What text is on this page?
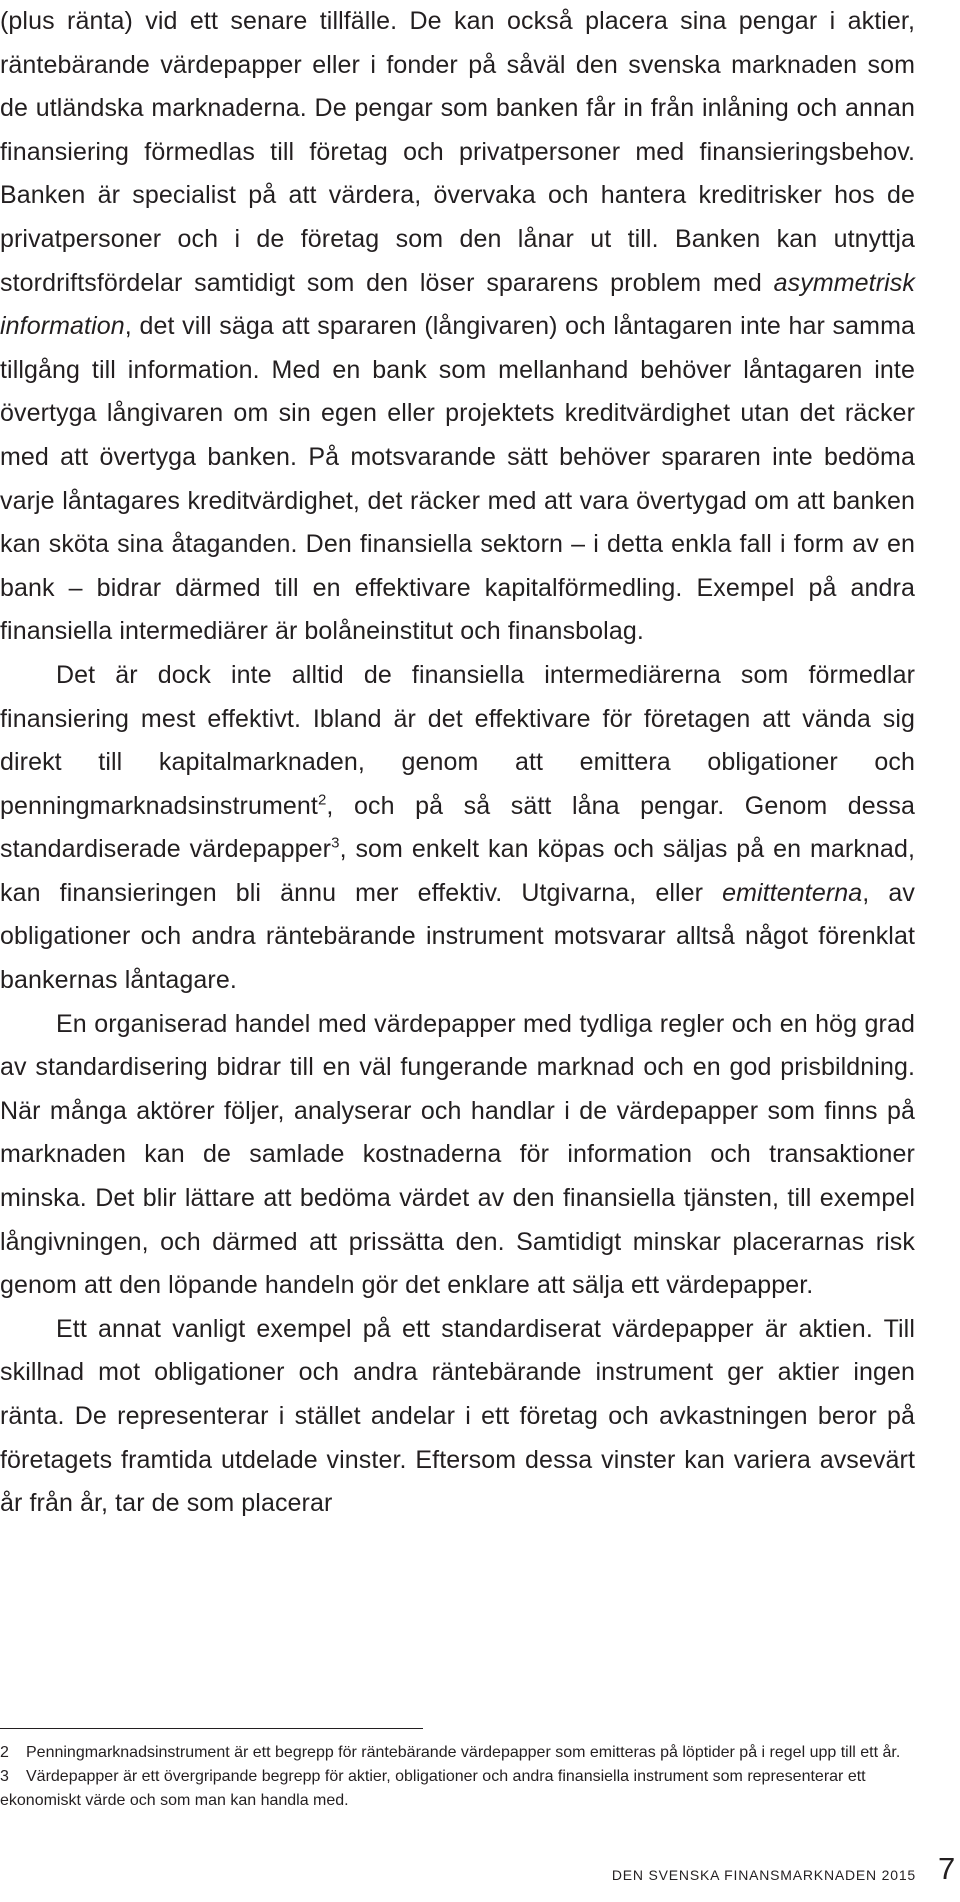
(plus ränta) vid ett senare tillfälle. De kan också placera sina pengar i aktier, räntebärande värdepapper eller i fonder på såväl den svenska marknaden som de utländska marknaderna. De pengar som banken får in från inlåning och annan finansiering förmedlas till företag och privatpersoner med finansieringsbehov. Banken är specialist på att värdera, övervaka och hantera kreditrisker hos de privatpersoner och i de företag som den lånar ut till. Banken kan utnyttja stordriftsfördelar samtidigt som den löser spararens problem med asymmetrisk information, det vill säga att spararen (långivaren) och låntagaren inte har samma tillgång till information. Med en bank som mellanhand behöver låntagaren inte övertyga långivaren om sin egen eller projektets kreditvärdighet utan det räcker med att övertyga banken. På motsvarande sätt behöver spararen inte bedöma varje låntagares kreditvärdighet, det räcker med att vara övertygad om att banken kan sköta sina åtaganden. Den finansiella sektorn – i detta enkla fall i form av en bank – bidrar därmed till en effektivare kapitalförmedling. Exempel på andra finansiella intermediärer är bolåneinstitut och finansbolag.

Det är dock inte alltid de finansiella intermediärerna som förmedlar finansiering mest effektivt. Ibland är det effektivare för företagen att vända sig direkt till kapitalmarknaden, genom att emittera obligationer och penningmarknadsinstrument$^2$, och på så sätt låna pengar. Genom dessa standardiserade värdepapper$^3$, som enkelt kan köpas och säljas på en marknad, kan finansieringen bli ännu mer effektiv. Utgivarna, eller emittenterna, av obligationer och andra räntebärande instrument motsvarar alltså något förenklat bankernas låntagare.

En organiserad handel med värdepapper med tydliga regler och en hög grad av standardisering bidrar till en väl fungerande marknad och en god prisbildning. När många aktörer följer, analyserar och handlar i de värdepapper som finns på marknaden kan de samlade kostnaderna för information och transaktioner minska. Det blir lättare att bedöma värdet av den finansiella tjänsten, till exempel långivningen, och därmed att prissätta den. Samtidigt minskar placerarnas risk genom att den löpande handeln gör det enklare att sälja ett värdepapper.

Ett annat vanligt exempel på ett standardiserat värdepapper är aktien. Till skillnad mot obligationer och andra räntebärande instrument ger aktier ingen ränta. De representerar i stället andelar i ett företag och avkastningen beror på företagets framtida utdelade vinster. Eftersom dessa vinster kan variera avsevärt år från år, tar de som placerar

2 Penningmarknadsinstrument är ett begrepp för räntebärande värdepapper som emitteras på löptider på i regel upp till ett år.

3 Värdepapper är ett övergripande begrepp för aktier, obligationer och andra finansiella instrument som representerar ett ekonomiskt värde och som man kan handla med.

DEN SVENSKA FINANSMARKNADEN 2015 7
